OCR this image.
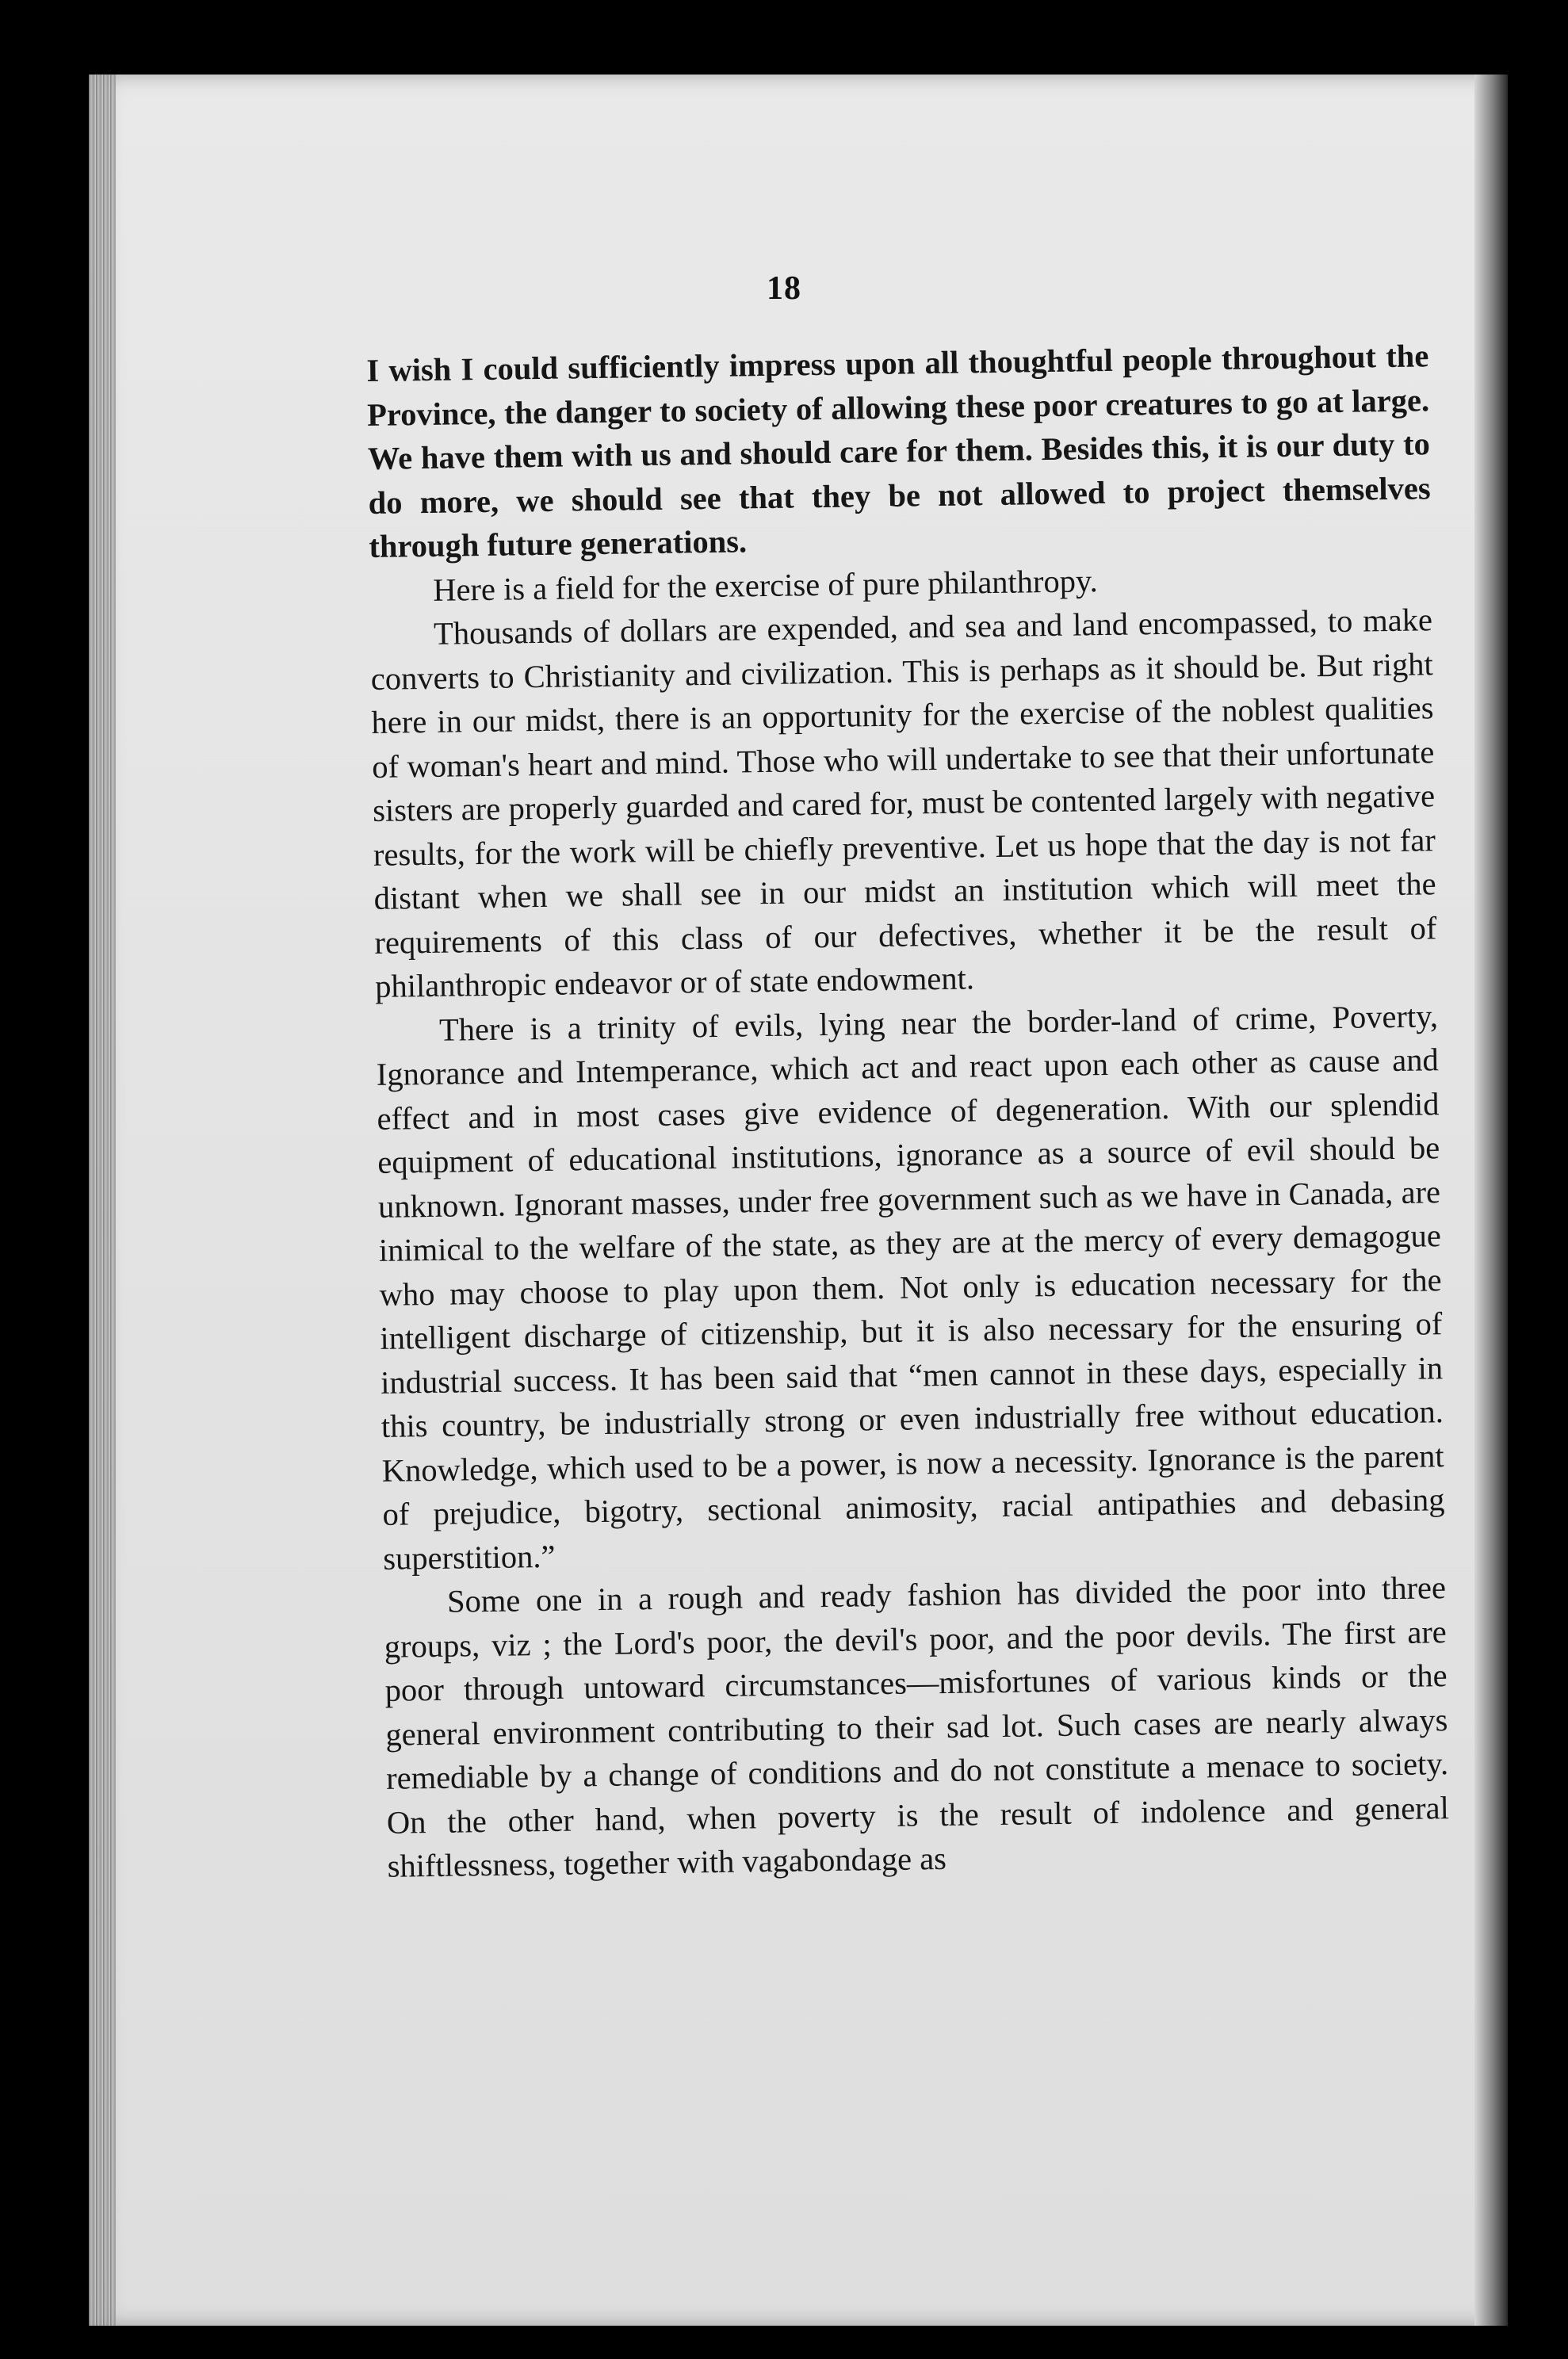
18

I wish I could sufficiently impress upon all thoughtful people throughout the Province, the danger to society of allowing these poor creatures to go at large. We have them with us and should care for them. Besides this, it is our duty to do more, we should see that they be not allowed to project themselves through future generations.

Here is a field for the exercise of pure philanthropy.

Thousands of dollars are expended, and sea and land encompassed, to make converts to Christianity and civilization. This is perhaps as it should be. But right here in our midst, there is an opportunity for the exercise of the noblest qualities of woman's heart and mind. Those who will undertake to see that their unfortunate sisters are properly guarded and cared for, must be contented largely with negative results, for the work will be chiefly preventive. Let us hope that the day is not far distant when we shall see in our midst an institution which will meet the requirements of this class of our defectives, whether it be the result of philanthropic endeavor or of state endowment.

There is a trinity of evils, lying near the border-land of crime, Poverty, Ignorance and Intemperance, which act and react upon each other as cause and effect and in most cases give evidence of degeneration. With our splendid equipment of educational institutions, ignorance as a source of evil should be unknown. Ignorant masses, under free government such as we have in Canada, are inimical to the welfare of the state, as they are at the mercy of every demagogue who may choose to play upon them. Not only is education necessary for the intelligent discharge of citizenship, but it is also necessary for the ensuring of industrial success. It has been said that “men cannot in these days, especially in this country, be industrially strong or even industrially free without education. Knowledge, which used to be a power, is now a necessity. Ignorance is the parent of prejudice, bigotry, sectional animosity, racial antipathies and debasing superstition.”

Some one in a rough and ready fashion has divided the poor into three groups, viz ; the Lord's poor, the devil's poor, and the poor devils. The first are poor through untoward circumstances—misfortunes of various kinds or the general environment contributing to their sad lot. Such cases are nearly always remediable by a change of conditions and do not constitute a menace to society. On the other hand, when poverty is the result of indolence and general shiftlessness, together with vagabondage as
